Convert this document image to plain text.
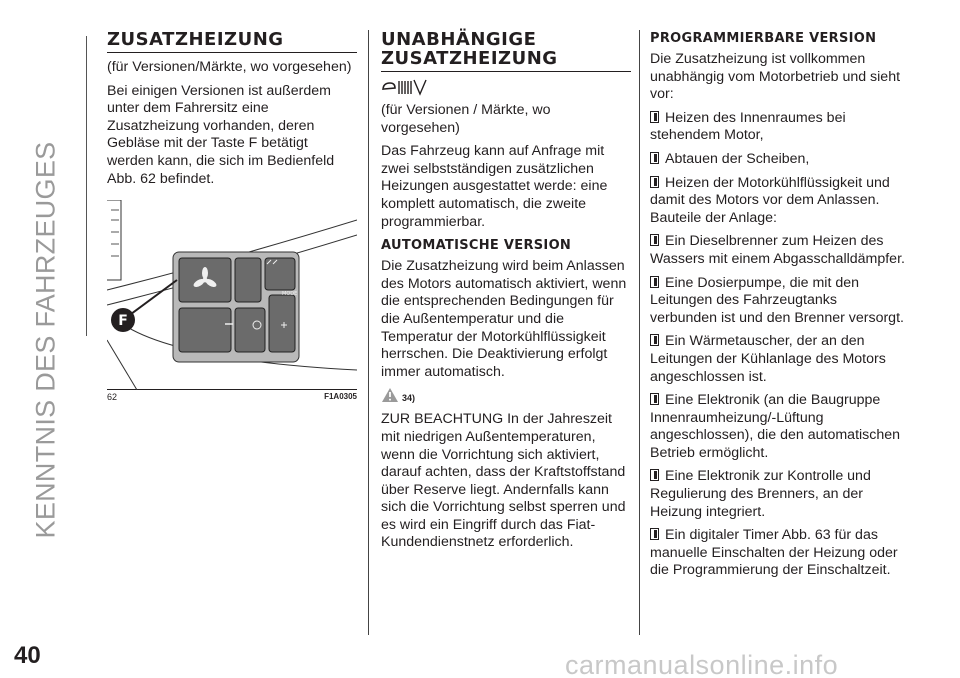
KENNTNIS DES FAHRZEUGES
40
ZUSATZHEIZUNG

(für Versionen/Märkte, wo vorgesehen)

Bei einigen Versionen ist außerdem unter dem Fahrersitz eine Zusatzheizung vorhanden, deren Gebläse mit der Taste F betätigt werden kann, die sich im Bedienfeld Abb. 62 befindet.

F
MODE
62	F1A0305
UNABHÄNGIGE ZUSATZHEIZUNG

(für Versionen / Märkte, wo vorgesehen)

Das Fahrzeug kann auf Anfrage mit zwei selbstständigen zusätzlichen Heizungen ausgestattet werde: eine komplett automatisch, die zweite programmierbar.

AUTOMATISCHE VERSION

Die Zusatzheizung wird beim Anlassen des Motors automatisch aktiviert, wenn die entsprechenden Bedingungen für die Außentemperatur und die Temperatur der Motorkühlflüssigkeit herrschen. Die Deaktivierung erfolgt immer automatisch.

34)

ZUR BEACHTUNG In der Jahreszeit mit niedrigen Außentemperaturen, wenn die Vorrichtung sich aktiviert, darauf achten, dass der Kraftstoffstand über Reserve liegt. Andernfalls kann sich die Vorrichtung selbst sperren und es wird ein Eingriff durch das Fiat-Kundendienstnetz erforderlich.

PROGRAMMIERBARE VERSION

Die Zusatzheizung ist vollkommen unabhängig vom Motorbetrieb und sieht vor:

Heizen des Innenraumes bei stehendem Motor,

Abtauen der Scheiben,

Heizen der Motorkühlflüssigkeit und damit des Motors vor dem Anlassen.

Bauteile der Anlage:

Ein Dieselbrenner zum Heizen des Wassers mit einem Abgasschalldämpfer.

Eine Dosierpumpe, die mit den Leitungen des Fahrzeugtanks verbunden ist und den Brenner versorgt.

Ein Wärmetauscher, der an den Leitungen der Kühlanlage des Motors angeschlossen ist.

Eine Elektronik (an die Baugruppe Innenraumheizung/-Lüftung angeschlossen), die den automatischen Betrieb ermöglicht.

Eine Elektronik zur Kontrolle und Regulierung des Brenners, an der Heizung integriert.

Ein digitaler Timer Abb. 63 für das manuelle Einschalten der Heizung oder die Programmierung der Einschaltzeit.

carmanualsonline.info
